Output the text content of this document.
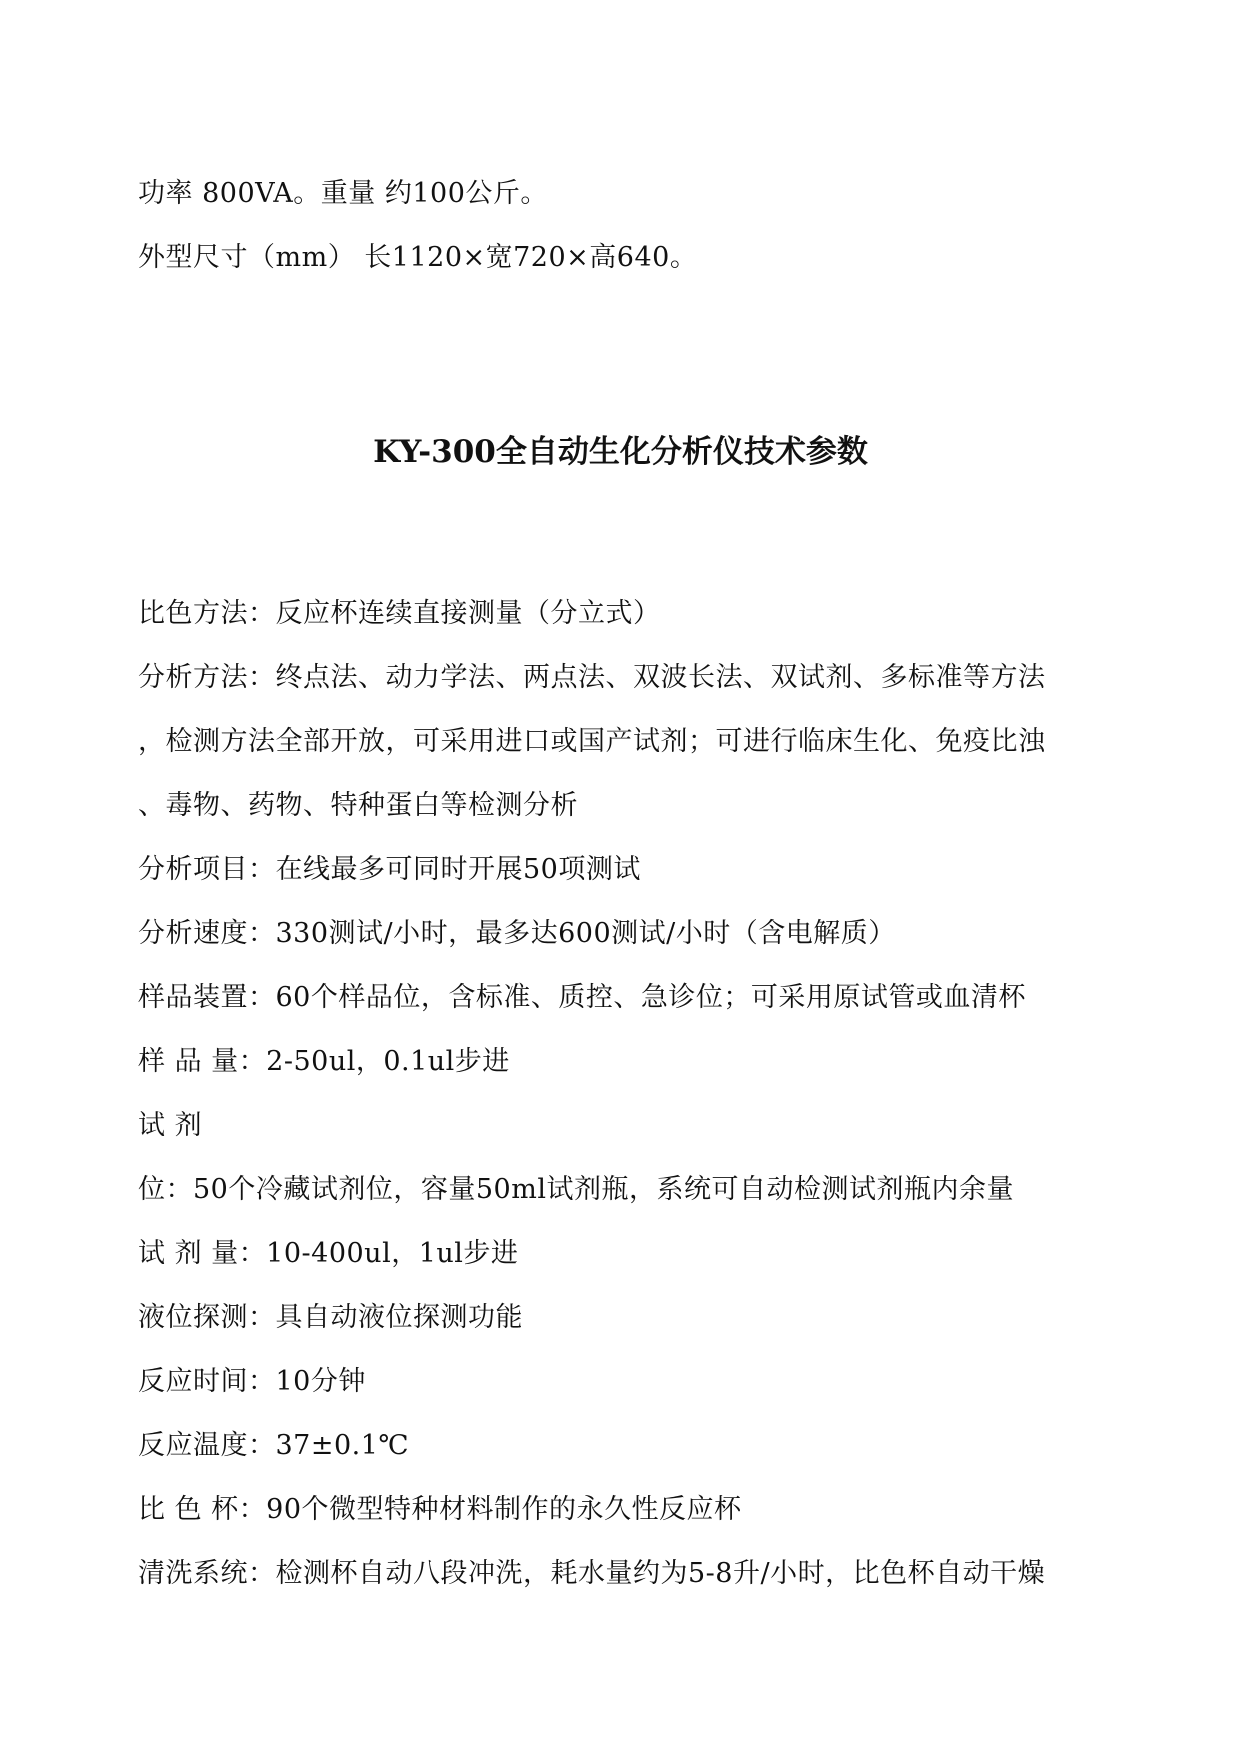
功率 800VA。重量 约100公斤。
外型尺寸（mm） 长1120×宽720×高640。
KY-300全自动生化分析仪技术参数
比色方法：反应杯连续直接测量（分立式）
分析方法：终点法、动力学法、两点法、双波长法、双试剂、多标准等方法
，检测方法全部开放，可采用进口或国产试剂；可进行临床生化、免疫比浊
、毒物、药物、特种蛋白等检测分析
分析项目：在线最多可同时开展50项测试
分析速度：330测试/小时，最多达600测试/小时（含电解质）
样品装置：60个样品位，含标准、质控、急诊位；可采用原试管或血清杯
样 品 量：2-50ul，0.1ul步进
试 剂
位：50个冷藏试剂位，容量50ml试剂瓶，系统可自动检测试剂瓶内余量
试 剂 量：10-400ul，1ul步进
液位探测：具自动液位探测功能
反应时间：10分钟
反应温度：37±0.1℃
比 色 杯：90个微型特种材料制作的永久性反应杯
清洗系统：检测杯自动八段冲洗，耗水量约为5-8升/小时，比色杯自动干燥
